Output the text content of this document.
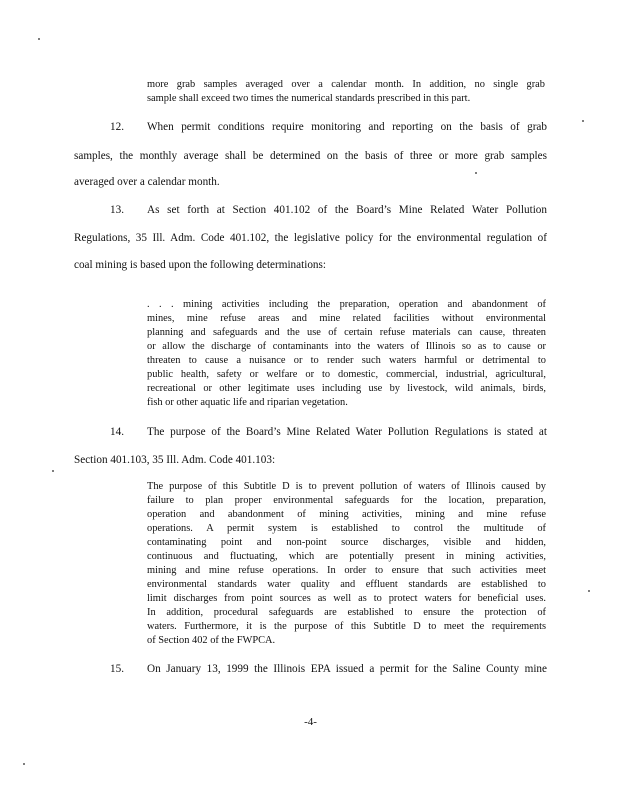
more grab samples averaged over a calendar month. In addition, no single grab
sample shall exceed two times the numerical standards prescribed in this part.
12. When permit conditions require monitoring and reporting on the basis of grab
samples, the monthly average shall be determined on the basis of three or more grab samples
averaged over a calendar month.
13. As set forth at Section 401.102 of the Board’s Mine Related Water Pollution
Regulations, 35 Ill. Adm. Code 401.102, the legislative policy for the environmental regulation of
coal mining is based upon the following determinations:
. . . mining activities including the preparation, operation and abandonment of
mines, mine refuse areas and mine related facilities without environmental
planning and safeguards and the use of certain refuse materials can cause, threaten
or allow the discharge of contaminants into the waters of Illinois so as to cause or
threaten to cause a nuisance or to render such waters harmful or detrimental to
public health, safety or welfare or to domestic, commercial, industrial, agricultural,
recreational or other legitimate uses including use by livestock, wild animals, birds,
fish or other aquatic life and riparian vegetation.
14. The purpose of the Board’s Mine Related Water Pollution Regulations is stated at
Section 401.103, 35 Ill. Adm. Code 401.103:
The purpose of this Subtitle D is to prevent pollution of waters of Illinois caused by
failure to plan proper environmental safeguards for the location, preparation,
operation and abandonment of mining activities, mining and mine refuse
operations. A permit system is established to control the multitude of
contaminating point and non-point source discharges, visible and hidden,
continuous and fluctuating, which are potentially present in mining activities,
mining and mine refuse operations. In order to ensure that such activities meet
environmental standards water quality and effluent standards are established to
limit discharges from point sources as well as to protect waters for beneficial uses.
In addition, procedural safeguards are established to ensure the protection of
waters. Furthermore, it is the purpose of this Subtitle D to meet the requirements
of Section 402 of the FWPCA.
15. On January 13, 1999 the Illinois EPA issued a permit for the Saline County mine
-4-
